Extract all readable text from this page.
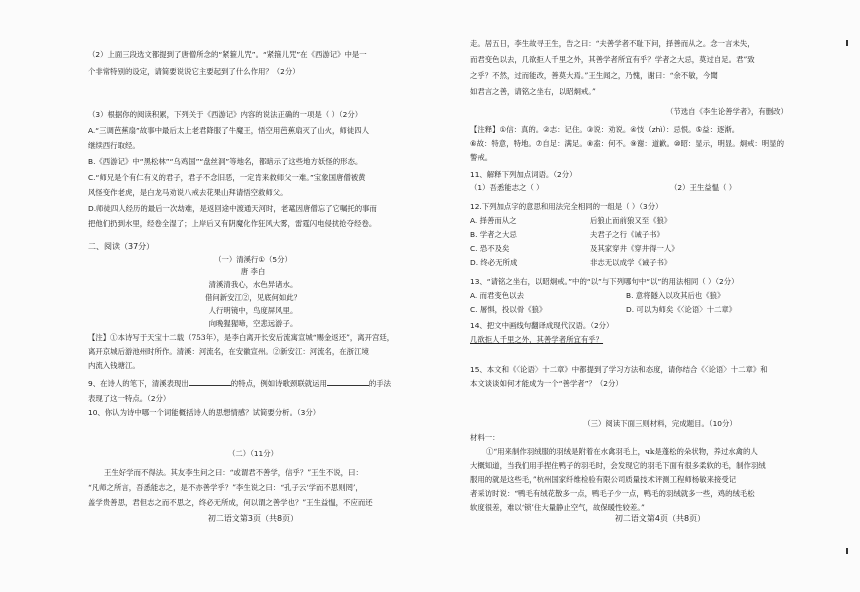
（2）上面三段选文都提到了唐僧所念的“紧箍儿咒”。“紧箍儿咒”在《西游记》中是一
个非常特别的设定，请简要说说它主要起到了什么作用？（2分）
（3）根据你的阅读积累，下列关于《西游记》内容的说法正确的一项是（ ）（2分）
A.“三调芭蕉扇”故事中最后太上老君降服了牛魔王，悟空用芭蕉扇灭了山火，师徒四人
继续西行取经。
B.《西游记》中“黑松林”“乌鸡国”“盘丝洞”等地名，都暗示了这些地方妖怪的形态。
C.“师兄是个有仁有义的君子，君子不念旧恶，一定肯来救师父一难。”宝象国唐僧被黄
风怪变作老虎，是白龙马劝说八戒去花果山拜请悟空救师父。
D.师徒四人经历的最后一次劫难，是返回途中渡通天河时，老鼋因唐僧忘了它嘱托的事而
把他们扔到水里，经卷全湿了；上岸后又有阴魔化作狂风大雾，雷霆闪电侵扰抢夺经卷。
二、阅读（37分）
（一）清溪行①（5分）
唐 李白
清溪清我心，水色异诸水。
借问新安江②，见底何如此？
人行明镜中，鸟度屏风里。
向晚猩猩啼，空悲远游子。
【注】①本诗写于天宝十二载（753年），是李白离开长安后流寓宣城“赐金返还”，离开宫廷，
离开京城后游池州时所作。清溪：河流名，在安徽宣州。②新安江：河流名，在浙江境
内流入钱塘江。
9、在诗人的笔下，清溪表现出	的特点，例如诗歌颈联就运用	的手法
表现了这一特点。（2分）
10、你认为诗中哪一个词能概括诗人的思想情感？试简要分析。（3分）
（二）（11分）
王生好学而不得法。其友李生问之曰：“或谓君不善学，信乎？”王生不说，曰：
“凡师之所言，吾悉能志之，是不亦善学乎？”李生说之曰：“孔子云‘学而不思则罔’，
盖学贵善思，君但志之而不思之，终必无所成，何以谓之善学也？”王生益愠，不应而还
初二语文第3页（共8页）
走。居五日，李生故寻王生，告之曰：“夫善学者不耻下问，择善而从之。念一言未失，
而君变色以去，几欲拒人千里之外，其善学者所宜有乎？学者之大忌，莫过自足。君”致
之乎？不然，过而能改，善莫大焉。”王生闻之，乃愧，谢曰：“余不敏，今聞
如君言之善，请铭之坐右，以昭炯戒。”
（节选自《李生论善学者》，有删改）
【注释】①信：真的。②志：记住。③说：劝说。④忮（zhì）：忌恨。⑤益：逐渐。
⑥故：特意，特地。⑦自足：满足。⑧盍：何不。⑨谢：道歉。⑩昭：显示，明显。炯戒：明显的
警戒。
11、解释下列加点词语。（2分）
（1）吾悉能志之（ ）	（2）王生益愠（ ）
12.下列加点字的意思和用法完全相同的一组是（ ）（3分）
A. 择善而从之	后狼止而前狼又至《狼》
B. 学者之大忌	夫君子之行《诫子书》
C. 恐不及矣	及其家穿井《穿井得一人》
D. 终必无所成	非志无以成学《诫子书》
13、“请铭之坐右，以昭炯戒。”中的“以”与下列哪句中“以”的用法相同（ ）（2分）
A. 而君变色以去	B. 意将隧入以攻其后也《狼》
C. 屠惧，投以骨《狼》	D. 可以为师矣《〈论语〉十二章》
14、把文中画线句翻译成现代汉语。（2分）
几欲拒人千里之外，其善学者所宜有乎？
15、本文和《〈论语〉十二章》中都提到了学习方法和态度，请你结合《〈论语〉十二章》和
本文谈谈如何才能成为一个“善学者”？（2分）
（三）阅读下面三则材料，完成题目。（10分）
材料一：
①“用来制作羽绒服的羽绒是附着在水禽羽毛上，чk是蓬松的朵状物，养过水禽的人
大概知道，当我们用手捏住鸭子的羽毛时，会发现它的羽毛下面有很多柔软的毛，制作羽绒
服用的就是这些毛，”杭州国家纤维检验有限公司质量技术评测工程师杨敏来接受记
者采访时说：“鸭毛有绒花散多一点，鸭毛子少一点，鸭毛的羽绒就多一些，鸡的绒毛松
软度很差，难以‘锁’住大量静止空气，故保暖性较差。”
初二语文第4页（共8页）
